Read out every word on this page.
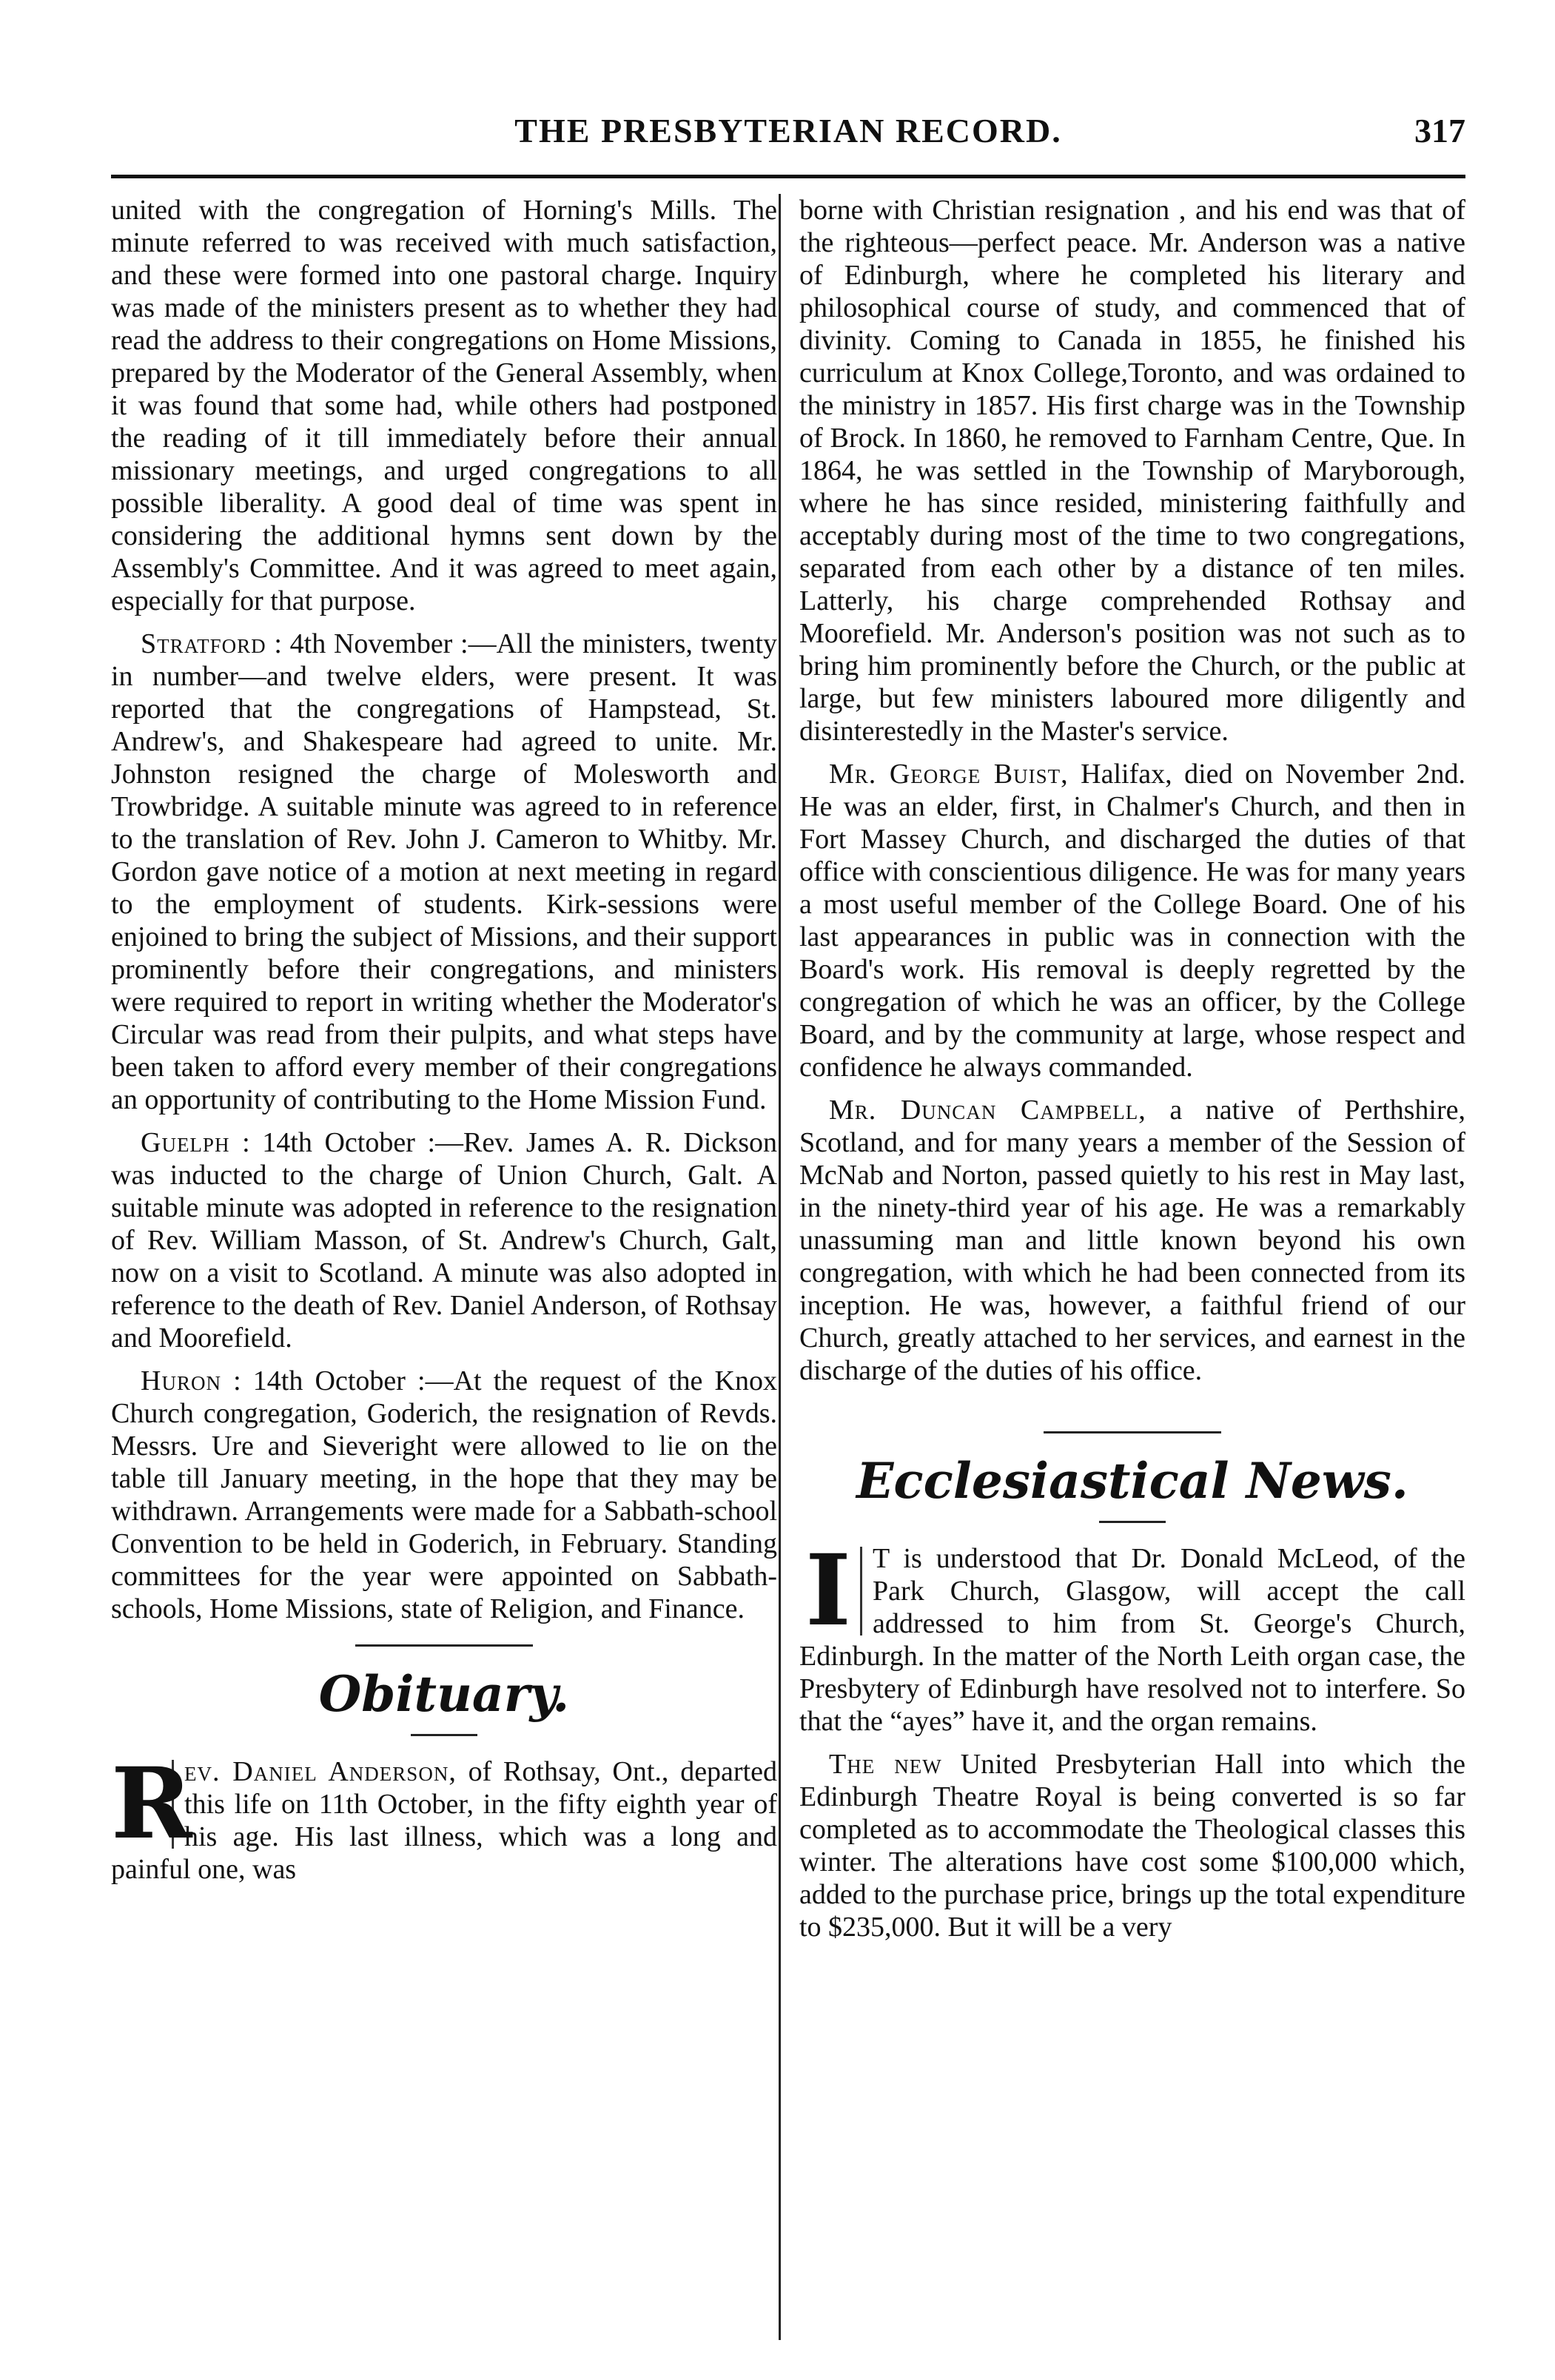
THE PRESBYTERIAN RECORD.	317

united with the congregation of Horning's Mills. The minute referred to was received with much satisfaction, and these were formed into one pastoral charge. Inquiry was made of the ministers present as to whether they had read the address to their congregations on Home Missions, prepared by the Moderator of the General Assembly, when it was found that some had, while others had postponed the reading of it till immediately before their annual missionary meetings, and urged congregations to all possible liberality. A good deal of time was spent in considering the additional hymns sent down by the Assembly's Committee. And it was agreed to meet again, especially for that purpose.

Stratford : 4th November :—All the ministers, twenty in number—and twelve elders, were present. It was reported that the congregations of Hampstead, St. Andrew's, and Shakespeare had agreed to unite. Mr. Johnston resigned the charge of Molesworth and Trowbridge. A suitable minute was agreed to in reference to the translation of Rev. John J. Cameron to Whitby. Mr. Gordon gave notice of a motion at next meeting in regard to the employment of students. Kirk-sessions were enjoined to bring the subject of Missions, and their support prominently before their congregations, and ministers were required to report in writing whether the Moderator's Circular was read from their pulpits, and what steps have been taken to afford every member of their congregations an opportunity of contributing to the Home Mission Fund.

Guelph : 14th October :—Rev. James A. R. Dickson was inducted to the charge of Union Church, Galt. A suitable minute was adopted in reference to the resignation of Rev. William Masson, of St. Andrew's Church, Galt, now on a visit to Scotland. A minute was also adopted in reference to the death of Rev. Daniel Anderson, of Rothsay and Moorefield.

Huron : 14th October :—At the request of the Knox Church congregation, Goderich, the resignation of Revds. Messrs. Ure and Sieveright were allowed to lie on the table till January meeting, in the hope that they may be withdrawn. Arrangements were made for a Sabbath-school Convention to be held in Goderich, in February. Standing committees for the year were appointed on Sabbath-schools, Home Missions, state of Religion, and Finance.

Obituary.

R
ev. Daniel Anderson, of Rothsay, Ont., departed this life on 11th October, in the fifty eighth year of his age. His last illness, which was a long and painful one, was

borne with Christian resignation , and his end was that of the righteous—perfect peace. Mr. Anderson was a native of Edinburgh, where he completed his literary and philosophical course of study, and commenced that of divinity. Coming to Canada in 1855, he finished his curriculum at Knox College,Toronto, and was ordained to the ministry in 1857. His first charge was in the Township of Brock. In 1860, he removed to Farnham Centre, Que. In 1864, he was settled in the Township of Maryborough, where he has since resided, ministering faithfully and acceptably during most of the time to two congregations, separated from each other by a distance of ten miles. Latterly, his charge comprehended Rothsay and Moorefield. Mr. Anderson's position was not such as to bring him prominently before the Church, or the public at large, but few ministers laboured more diligently and disinterestedly in the Master's service.

Mr. George Buist, Halifax, died on November 2nd. He was an elder, first, in Chalmer's Church, and then in Fort Massey Church, and discharged the duties of that office with conscientious diligence. He was for many years a most useful member of the College Board. One of his last appearances in public was in connection with the Board's work. His removal is deeply regretted by the congregation of which he was an officer, by the College Board, and by the community at large, whose respect and confidence he always commanded.

Mr. Duncan Campbell, a native of Perthshire, Scotland, and for many years a member of the Session of McNab and Norton, passed quietly to his rest in May last, in the ninety-third year of his age. He was a remarkably unassuming man and little known beyond his own congregation, with which he had been connected from its inception. He was, however, a faithful friend of our Church, greatly attached to her services, and earnest in the discharge of the duties of his office.

Ecclesiastical News.

I T is understood that Dr. Donald McLeod, of the Park Church, Glasgow, will accept the call addressed to him from St. George's Church, Edinburgh. In the matter of the North Leith organ case, the Presbytery of Edinburgh have resolved not to interfere. So that the “ayes” have it, and the organ remains.

The new United Presbyterian Hall into which the Edinburgh Theatre Royal is being converted is so far completed as to accommodate the Theological classes this winter. The alterations have cost some $100,000 which, added to the purchase price, brings up the total expenditure to $235,000. But it will be a very
